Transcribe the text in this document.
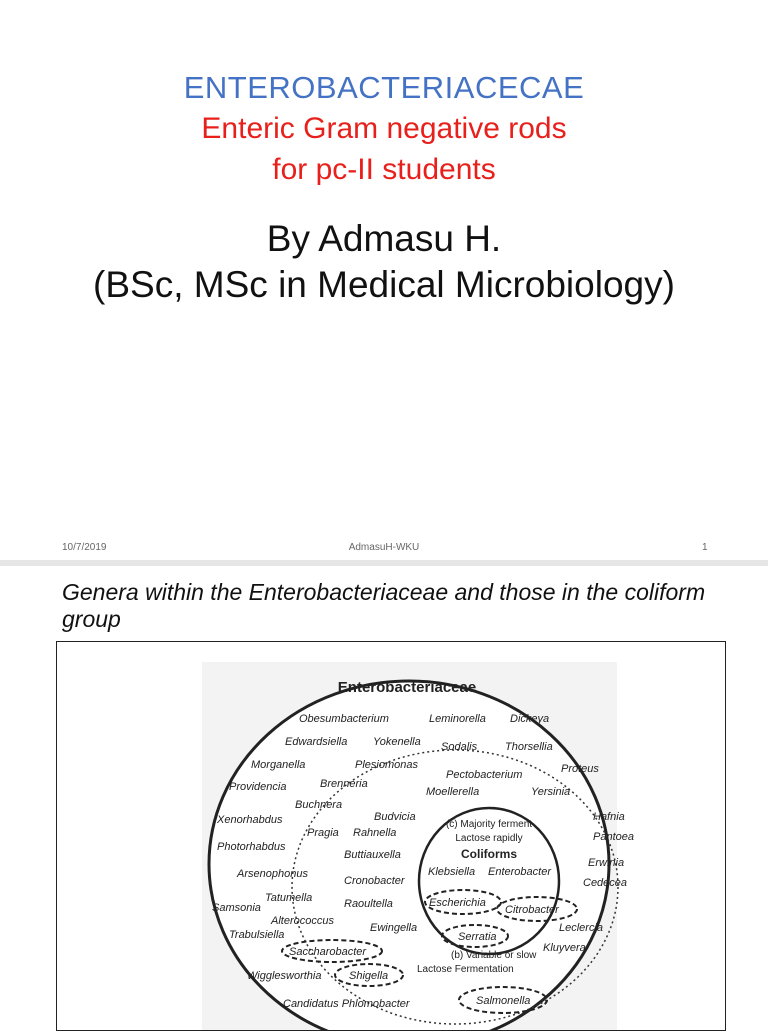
ENTEROBACTERIACECAE
Enteric Gram negative rods
for pc-II students
By Admasu H.
(BSc, MSc in Medical Microbiology)
10/7/2019	AdmasuH-WKU	1
Genera within the Enterobacteriaceae and those in the coliform group
Enterobacteriaceae
Obesumbacterium	Leminorella Dickeya
Edwardsiella Yokenella Sodalis	Thorsellia
Morganella	Plesiomonas	Proteus
Pectobacterium
Providencia	Brenneria
Moellerella	Yersinia
Buchnera
Hafnia
Xenorhabdus	Budvicia
Pantoea
Pragia Rahnella
Photorhabdus
Buttiauxella
Erwinia
Arsenophonus
Cronobacter
Klebsiella Enterobacter
Cedecea
Tatumella
Samsonia	Raoultella	Escherichia
Citrobacter
Alterococcus
Leclercia
Trabulsiella
Ewingella
Serratia
Kluyvera
Saccharobacter
Wigglesworthia	Shigella
Candidatus Phlomobacter	Salmonella
(c) Majority ferment
Lactose rapidly
(b) Variable or slow
Lactose Fermentation
Coliforms
